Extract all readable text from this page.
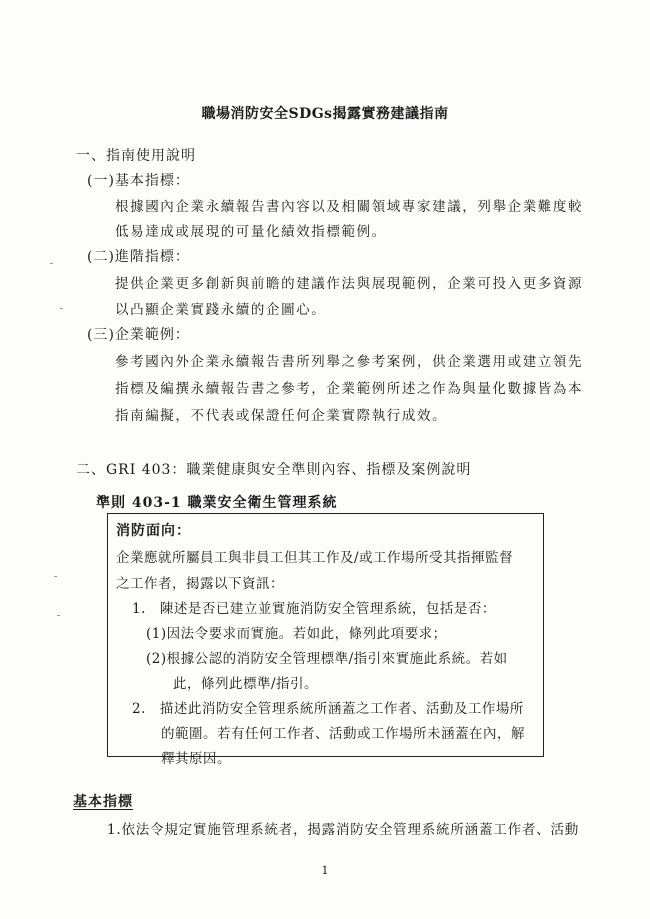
職場消防安全SDGs揭露實務建議指南
一、指南使用說明
(一)基本指標：
根據國內企業永續報告書內容以及相關領域專家建議，列舉企業難度較
低易達成或展現的可量化績效指標範例。
(二)進階指標：
提供企業更多創新與前瞻的建議作法與展現範例，企業可投入更多資源
以凸顯企業實踐永續的企圖心。
(三)企業範例：
參考國內外企業永續報告書所列舉之參考案例，供企業選用或建立領先
指標及編撰永續報告書之參考，企業範例所述之作為與量化數據皆為本
指南編擬，不代表或保證任何企業實際執行成效。
二、GRI 403：職業健康與安全準則內容、指標及案例說明
準則 403-1 職業安全衛生管理系統
消防面向：
企業應就所屬員工與非員工但其工作及/或工作場所受其指揮監督
之工作者，揭露以下資訊：
1.　陳述是否已建立並實施消防安全管理系統，包括是否：
(1)因法令要求而實施。若如此，條列此項要求；
(2)根據公認的消防安全管理標準/指引來實施此系統。若如
此，條列此標準/指引。
2.　描述此消防安全管理系統所涵蓋之工作者、活動及工作場所
的範圍。若有任何工作者、活動或工作場所未涵蓋在內，解
釋其原因。
基本指標
1.依法令規定實施管理系統者，揭露消防安全管理系統所涵蓋工作者、活動
1
